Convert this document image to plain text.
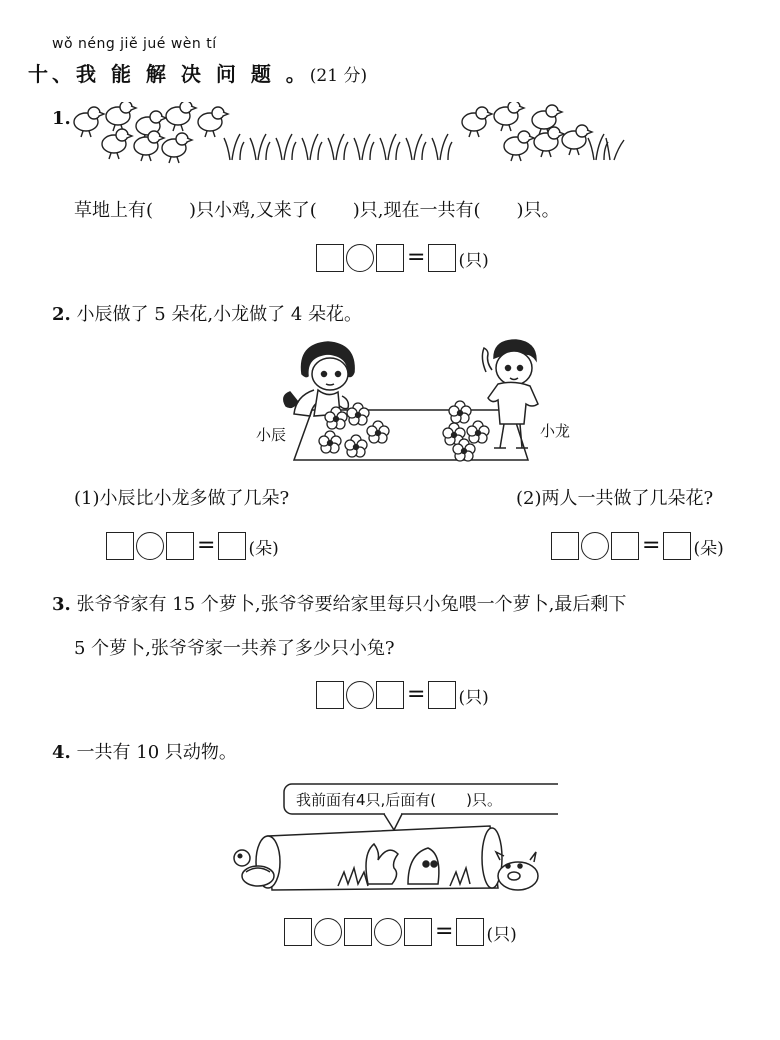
wǒ néng jiě jué wèn tí
十、我 能 解 决 问 题 。(21 分)
1.
草地上有(　　)只小鸡,又来了(　　)只,现在一共有(　　)只。
= (只)
2. 小辰做了 5 朵花,小龙做了 4 朵花。
小辰	小龙
(1)小辰比小龙多做了几朵?	(2)两人一共做了几朵花?
= (朵)	= (朵)
3. 张爷爷家有 15 个萝卜,张爷爷要给家里每只小兔喂一个萝卜,最后剩下
5 个萝卜,张爷爷家一共养了多少只小兔?
= (只)
4. 一共有 10 只动物。
我前面有4只,后面有(　　)只。
= (只)
